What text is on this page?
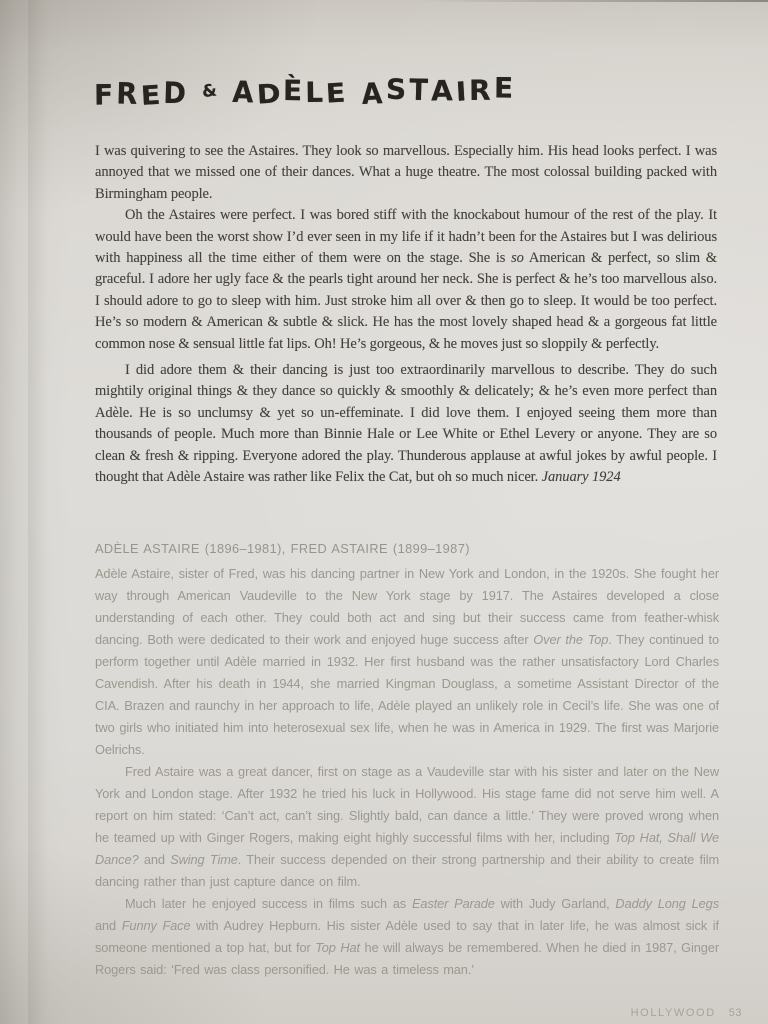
FRED & ADÈLE ASTAIRE

I was quivering to see the Astaires. They look so marvellous. Especially him. His head looks perfect. I was annoyed that we missed one of their dances. What a huge theatre. The most colossal building packed with Birmingham people.

Oh the Astaires were perfect. I was bored stiff with the knockabout humour of the rest of the play. It would have been the worst show I’d ever seen in my life if it hadn’t been for the Astaires but I was delirious with happiness all the time either of them were on the stage. She is so American & perfect, so slim & graceful. I adore her ugly face & the pearls tight around her neck. She is perfect & he’s too marvellous also. I should adore to go to sleep with him. Just stroke him all over & then go to sleep. It would be too perfect. He’s so modern & American & subtle & slick. He has the most lovely shaped head & a gorgeous fat little common nose & sensual little fat lips. Oh! He’s gorgeous, & he moves just so sloppily & perfectly.

I did adore them & their dancing is just too extraordinarily marvellous to describe. They do such mightily original things & they dance so quickly & smoothly & delicately; & he’s even more perfect than Adèle. He is so unclumsy & yet so un-effeminate. I did love them. I enjoyed seeing them more than thousands of people. Much more than Binnie Hale or Lee White or Ethel Levery or anyone. They are so clean & fresh & ripping. Everyone adored the play. Thunderous applause at awful jokes by awful people. I thought that Adèle Astaire was rather like Felix the Cat, but oh so much nicer. January 1924

ADÈLE ASTAIRE (1896–1981), FRED ASTAIRE (1899–1987)

Adèle Astaire, sister of Fred, was his dancing partner in New York and London, in the 1920s. She fought her way through American Vaudeville to the New York stage by 1917. The Astaires developed a close understanding of each other. They could both act and sing but their success came from feather-whisk dancing. Both were dedicated to their work and enjoyed huge success after Over the Top. They continued to perform together until Adèle married in 1932. Her first husband was the rather unsatisfactory Lord Charles Cavendish. After his death in 1944, she married Kingman Douglass, a sometime Assistant Director of the CIA. Brazen and raunchy in her approach to life, Adèle played an unlikely role in Cecil’s life. She was one of two girls who initiated him into heterosexual sex life, when he was in America in 1929. The first was Marjorie Oelrichs.

Fred Astaire was a great dancer, first on stage as a Vaudeville star with his sister and later on the New York and London stage. After 1932 he tried his luck in Hollywood. His stage fame did not serve him well. A report on him stated: ‘Can’t act, can’t sing. Slightly bald, can dance a little.’ They were proved wrong when he teamed up with Ginger Rogers, making eight highly successful films with her, including Top Hat, Shall We Dance? and Swing Time. Their success depended on their strong partnership and their ability to create film dancing rather than just capture dance on film.

Much later he enjoyed success in films such as Easter Parade with Judy Garland, Daddy Long Legs and Funny Face with Audrey Hepburn. His sister Adèle used to say that in later life, he was almost sick if someone mentioned a top hat, but for Top Hat he will always be remembered. When he died in 1987, Ginger Rogers said: ‘Fred was class personified. He was a timeless man.’

HOLLYWOOD 53
